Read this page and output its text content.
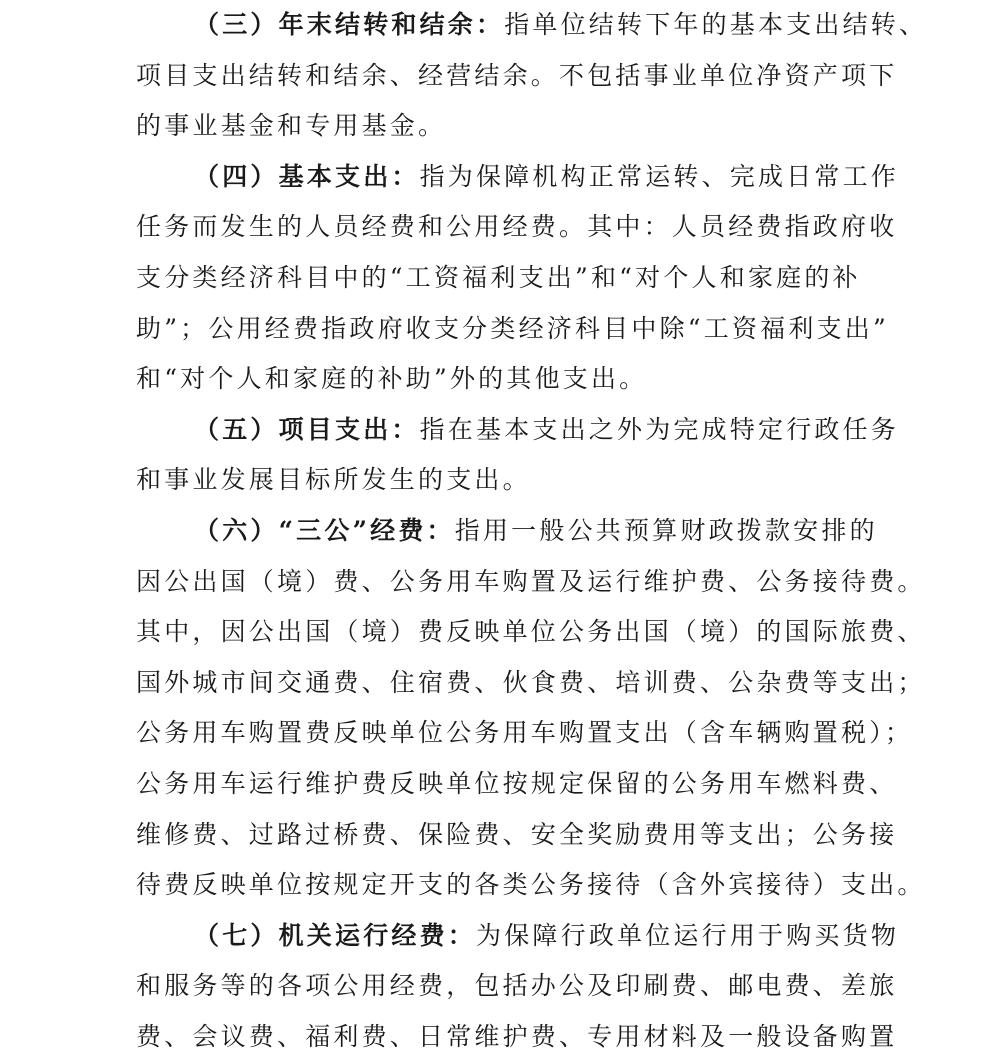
（三）年末结转和结余：指单位结转下年的基本支出结转、
项目支出结转和结余、经营结余。不包括事业单位净资产项下
的事业基金和专用基金。
（四）基本支出：指为保障机构正常运转、完成日常工作
任务而发生的人员经费和公用经费。其中：人员经费指政府收
支分类经济科目中的“工资福利支出”和“对个人和家庭的补
助”；公用经费指政府收支分类经济科目中除“工资福利支出”
和“对个人和家庭的补助”外的其他支出。
（五）项目支出：指在基本支出之外为完成特定行政任务
和事业发展目标所发生的支出。
（六）“三公”经费：指用一般公共预算财政拨款安排的
因公出国（境）费、公务用车购置及运行维护费、公务接待费。
其中，因公出国（境）费反映单位公务出国（境）的国际旅费、
国外城市间交通费、住宿费、伙食费、培训费、公杂费等支出；
公务用车购置费反映单位公务用车购置支出（含车辆购置税）；
公务用车运行维护费反映单位按规定保留的公务用车燃料费、
维修费、过路过桥费、保险费、安全奖励费用等支出；公务接
待费反映单位按规定开支的各类公务接待（含外宾接待）支出。
（七）机关运行经费：为保障行政单位运行用于购买货物
和服务等的各项公用经费，包括办公及印刷费、邮电费、差旅
费、会议费、福利费、日常维护费、专用材料及一般设备购置
